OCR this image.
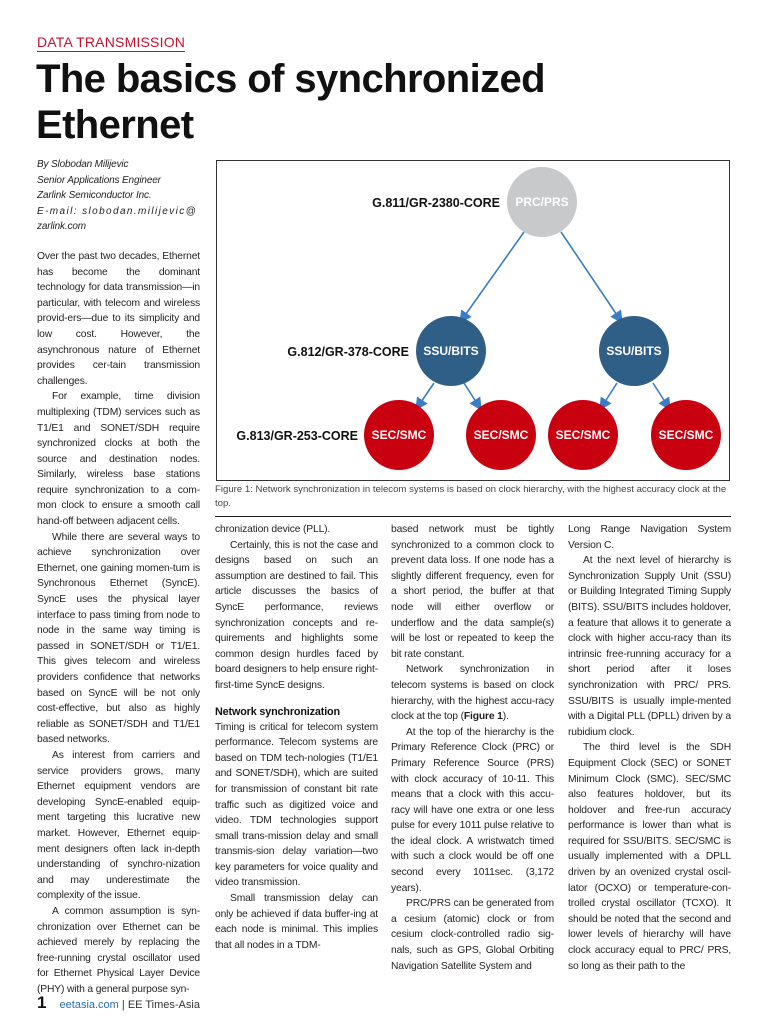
DATA TRANSMISSION
The basics of synchronized
Ethernet
By Slobodan Milijevic
Senior Applications Engineer
Zarlink Semiconductor Inc.
E-mail: slobodan.milijevic@
zarlink.com

Over the past two decades, Ethernet has become the dominant technology for data transmission—in particular, with telecom and wireless provid-ers—due to its simplicity and low cost. However, the asynchronous nature of Ethernet provides cer-tain transmission challenges.

For example, time division multiplexing (TDM) services such as T1/E1 and SONET/SDH require synchronized clocks at both the source and destination nodes. Similarly, wireless base stations require synchronization to a com-mon clock to ensure a smooth call hand-off between adjacent cells.

While there are several ways to achieve synchronization over Ethernet, one gaining momen-tum is Synchronous Ethernet (SyncE). SyncE uses the physical layer interface to pass timing from node to node in the same way timing is passed in SONET/SDH or T1/E1. This gives telecom and wireless providers confidence that networks based on SyncE will be not only cost-effective, but also as highly reliable as SONET/SDH and T1/E1 based networks.

As interest from carriers and service providers grows, many Ethernet equipment vendors are developing SyncE-enabled equip-ment targeting this lucrative new market. However, Ethernet equip-ment designers often lack in-depth understanding of synchro-nization and may underestimate the complexity of the issue.

A common assumption is syn-chronization over Ethernet can be achieved merely by replacing the free-running crystal oscillator used for Ethernet Physical Layer Device (PHY) with a general purpose syn-

G.811/GR-2380-CORE
G.812/GR-378-CORE
G.813/GR-253-CORE
PRC/PRS
SSU/BITS	SSU/BITS
SEC/SMC	SEC/SMC SEC/SMC	SEC/SMC
Figure 1: Network synchronization in telecom systems is based on clock hierarchy, with the highest accuracy clock at the top.

chronization device (PLL).

Certainly, this is not the case and designs based on such an assumption are destined to fail. This article discusses the basics of SyncE performance, reviews synchronization concepts and re-quirements and highlights some common design hurdles faced by board designers to help ensure right-first-time SyncE designs.

Network synchronization

Timing is critical for telecom system performance. Telecom systems are based on TDM tech-nologies (T1/E1 and SONET/SDH), which are suited for transmission of constant bit rate traffic such as digitized voice and video. TDM technologies support small trans-mission delay and small transmis-sion delay variation—two key parameters for voice quality and video transmission.

Small transmission delay can only be achieved if data buffer-ing at each node is minimal. This implies that all nodes in a TDM-

based network must be tightly synchronized to a common clock to prevent data loss. If one node has a slightly different frequency, even for a short period, the buffer at that node will either overflow or underflow and the data sample(s) will be lost or repeated to keep the bit rate constant.

Network synchronization in telecom systems is based on clock hierarchy, with the highest accu-racy clock at the top (Figure 1).

At the top of the hierarchy is the Primary Reference Clock (PRC) or Primary Reference Source (PRS) with clock accuracy of 10-11. This means that a clock with this accu-racy will have one extra or one less pulse for every 1011 pulse relative to the ideal clock. A wristwatch timed with such a clock would be off one second every 1011sec. (3,172 years).

PRC/PRS can be generated from a cesium (atomic) clock or from cesium clock-controlled radio sig-nals, such as GPS, Global Orbiting Navigation Satellite System and

Long Range Navigation System Version C.

At the next level of hierarchy is Synchronization Supply Unit (SSU) or Building Integrated Timing Supply (BITS). SSU/BITS includes holdover, a feature that allows it to generate a clock with higher accu-racy than its intrinsic free-running accuracy for a short period after it loses synchronization with PRC/ PRS. SSU/BITS is usually imple-mented with a Digital PLL (DPLL) driven by a rubidium clock.

The third level is the SDH Equipment Clock (SEC) or SONET Minimum Clock (SMC). SEC/SMC also features holdover, but its holdover and free-run accuracy performance is lower than what is required for SSU/BITS. SEC/SMC is usually implemented with a DPLL driven by an ovenized crystal oscil-lator (OCXO) or temperature-con-trolled crystal oscillator (TCXO). It should be noted that the second and lower levels of hierarchy will have clock accuracy equal to PRC/ PRS, so long as their path to the

1 eetasia.com | EE Times-Asia
